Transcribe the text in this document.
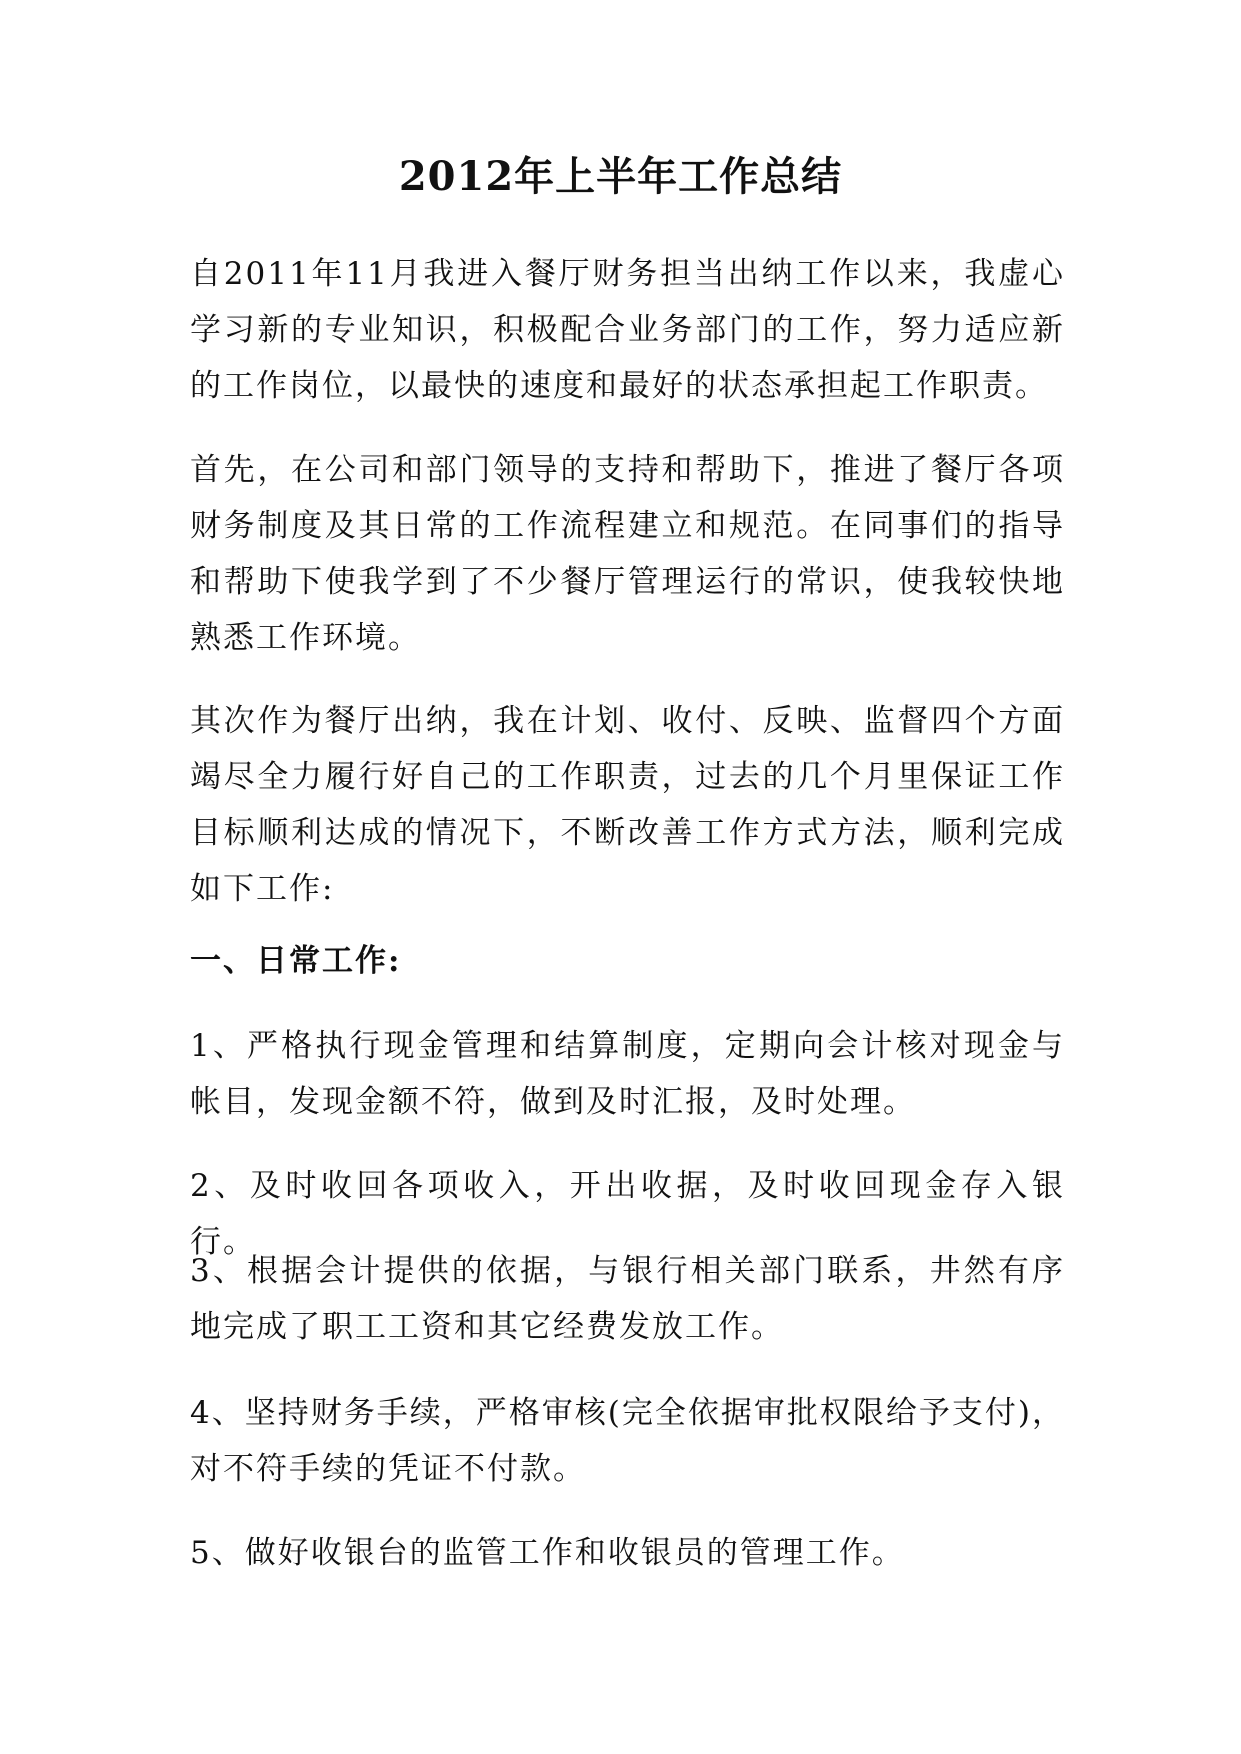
2012年上半年工作总结
自2011年11月我进入餐厅财务担当出纳工作以来，我虚心学习新的专业知识，积极配合业务部门的工作，努力适应新的工作岗位，以最快的速度和最好的状态承担起工作职责。
首先，在公司和部门领导的支持和帮助下，推进了餐厅各项财务制度及其日常的工作流程建立和规范。在同事们的指导和帮助下使我学到了不少餐厅管理运行的常识，使我较快地熟悉工作环境。
其次作为餐厅出纳，我在计划、收付、反映、监督四个方面竭尽全力履行好自己的工作职责，过去的几个月里保证工作目标顺利达成的情况下，不断改善工作方式方法，顺利完成如下工作:
一、日常工作:
1、严格执行现金管理和结算制度，定期向会计核对现金与帐目，发现金额不符，做到及时汇报，及时处理。
2、及时收回各项收入，开出收据，及时收回现金存入银行。
3、根据会计提供的依据，与银行相关部门联系，井然有序地完成了职工工资和其它经费发放工作。
4、坚持财务手续，严格审核(完全依据审批权限给予支付)，对不符手续的凭证不付款。
5、做好收银台的监管工作和收银员的管理工作。
